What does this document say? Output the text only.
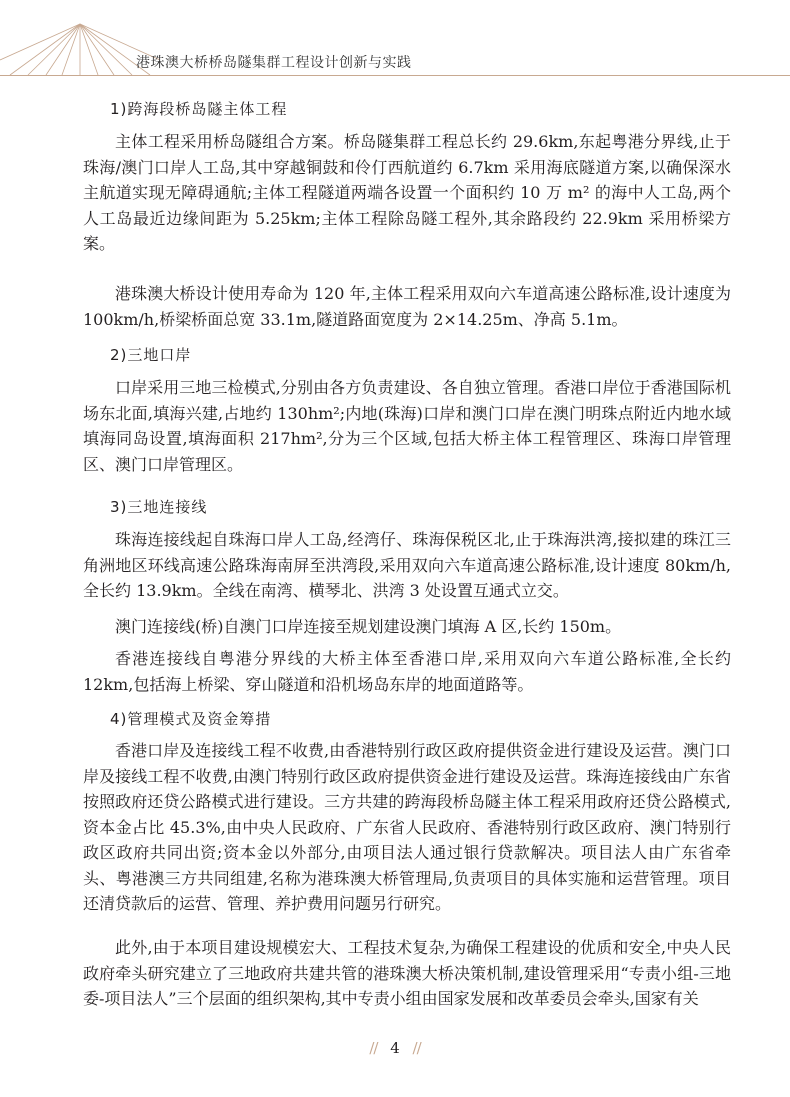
港珠澳大桥桥岛隧集群工程设计创新与实践
1)跨海段桥岛隧主体工程

主体工程采用桥岛隧组合方案。桥岛隧集群工程总长约 29.6km,东起粤港分界线,止于珠海/澳门口岸人工岛,其中穿越铜鼓和伶仃西航道约 6.7km 采用海底隧道方案,以确保深水主航道实现无障碍通航;主体工程隧道两端各设置一个面积约 10 万 m² 的海中人工岛,两个人工岛最近边缘间距为 5.25km;主体工程除岛隧工程外,其余路段约 22.9km 采用桥梁方案。

港珠澳大桥设计使用寿命为 120 年,主体工程采用双向六车道高速公路标准,设计速度为100km/h,桥梁桥面总宽 33.1m,隧道路面宽度为 2×14.25m、净高 5.1m。

2)三地口岸

口岸采用三地三检模式,分别由各方负责建设、各自独立管理。香港口岸位于香港国际机场东北面,填海兴建,占地约 130hm²;内地(珠海)口岸和澳门口岸在澳门明珠点附近内地水域填海同岛设置,填海面积 217hm²,分为三个区域,包括大桥主体工程管理区、珠海口岸管理区、澳门口岸管理区。

3)三地连接线

珠海连接线起自珠海口岸人工岛,经湾仔、珠海保税区北,止于珠海洪湾,接拟建的珠江三角洲地区环线高速公路珠海南屏至洪湾段,采用双向六车道高速公路标准,设计速度 80km/h,全长约 13.9km。全线在南湾、横琴北、洪湾 3 处设置互通式立交。

澳门连接线(桥)自澳门口岸连接至规划建设澳门填海 A 区,长约 150m。

香港连接线自粤港分界线的大桥主体至香港口岸,采用双向六车道公路标准,全长约12km,包括海上桥梁、穿山隧道和沿机场岛东岸的地面道路等。

4)管理模式及资金筹措

香港口岸及连接线工程不收费,由香港特别行政区政府提供资金进行建设及运营。澳门口岸及接线工程不收费,由澳门特别行政区政府提供资金进行建设及运营。珠海连接线由广东省按照政府还贷公路模式进行建设。三方共建的跨海段桥岛隧主体工程采用政府还贷公路模式,资本金占比 45.3%,由中央人民政府、广东省人民政府、香港特别行政区政府、澳门特别行政区政府共同出资;资本金以外部分,由项目法人通过银行贷款解决。项目法人由广东省牵头、粤港澳三方共同组建,名称为港珠澳大桥管理局,负责项目的具体实施和运营管理。项目还清贷款后的运营、管理、养护费用问题另行研究。

此外,由于本项目建设规模宏大、工程技术复杂,为确保工程建设的优质和安全,中央人民政府牵头研究建立了三地政府共建共管的港珠澳大桥决策机制,建设管理采用“专责小组-三地委-项目法人”三个层面的组织架构,其中专责小组由国家发展和改革委员会牵头,国家有关

// 4 //
